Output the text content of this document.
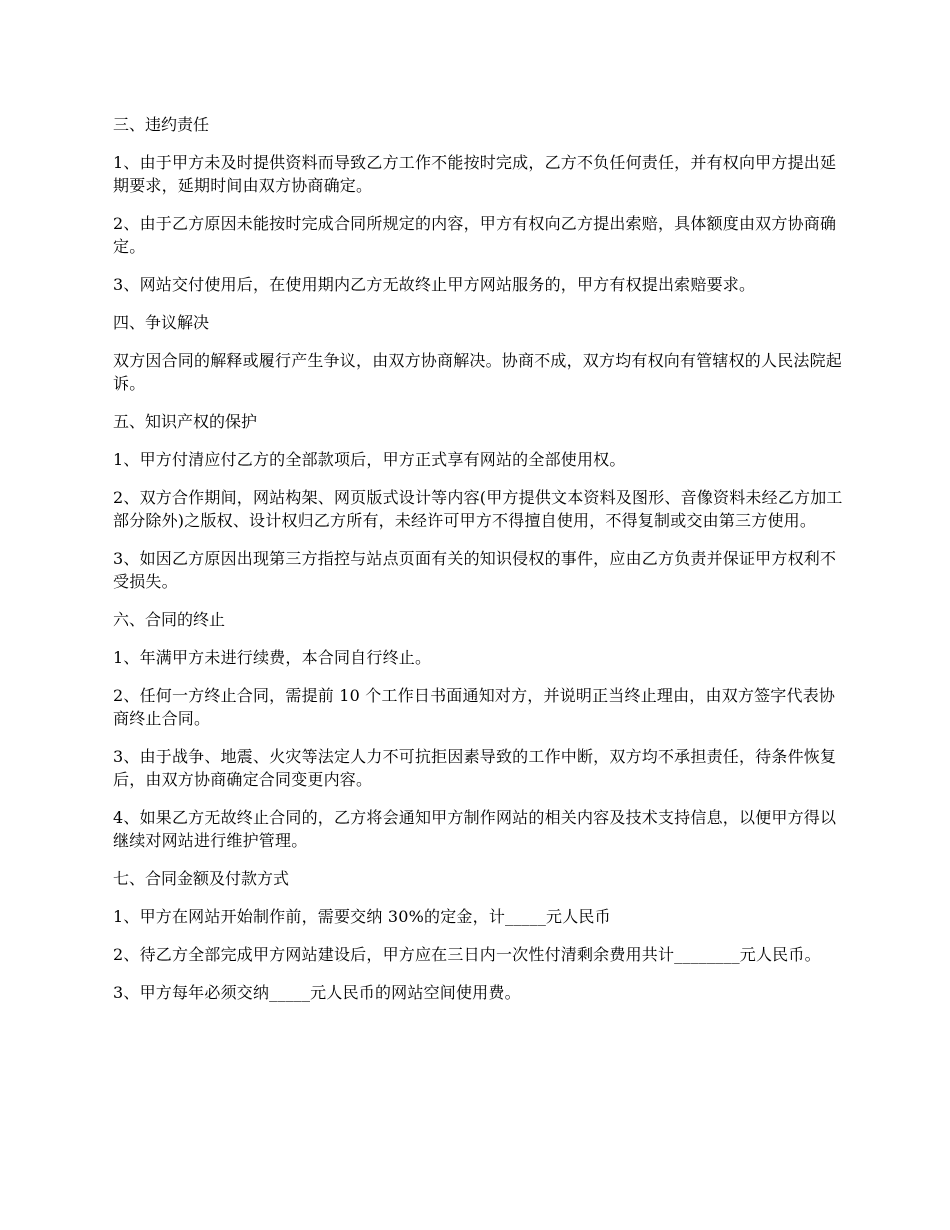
三、违约责任

1、由于甲方未及时提供资料而导致乙方工作不能按时完成，乙方不负任何责任，并有权向甲方提出延期要求，延期时间由双方协商确定。

2、由于乙方原因未能按时完成合同所规定的内容，甲方有权向乙方提出索赔，具体额度由双方协商确定。

3、网站交付使用后，在使用期内乙方无故终止甲方网站服务的，甲方有权提出索赔要求。

四、争议解决

双方因合同的解释或履行产生争议，由双方协商解决。协商不成，双方均有权向有管辖权的人民法院起诉。

五、知识产权的保护

1、甲方付清应付乙方的全部款项后，甲方正式享有网站的全部使用权。

2、双方合作期间，网站构架、网页版式设计等内容(甲方提供文本资料及图形、音像资料未经乙方加工部分除外)之版权、设计权归乙方所有，未经许可甲方不得擅自使用，不得复制或交由第三方使用。

3、如因乙方原因出现第三方指控与站点页面有关的知识侵权的事件，应由乙方负责并保证甲方权利不受损失。

六、合同的终止

1、年满甲方未进行续费，本合同自行终止。

2、任何一方终止合同，需提前 10 个工作日书面通知对方，并说明正当终止理由，由双方签字代表协商终止合同。

3、由于战争、地震、火灾等法定人力不可抗拒因素导致的工作中断，双方均不承担责任，待条件恢复后，由双方协商确定合同变更内容。

4、如果乙方无故终止合同的，乙方将会通知甲方制作网站的相关内容及技术支持信息，以便甲方得以继续对网站进行维护管理。

七、合同金额及付款方式

1、甲方在网站开始制作前，需要交纳 30%的定金，计_____元人民币

2、待乙方全部完成甲方网站建设后，甲方应在三日内一次性付清剩余费用共计________元人民币。

3、甲方每年必须交纳_____元人民币的网站空间使用费。
